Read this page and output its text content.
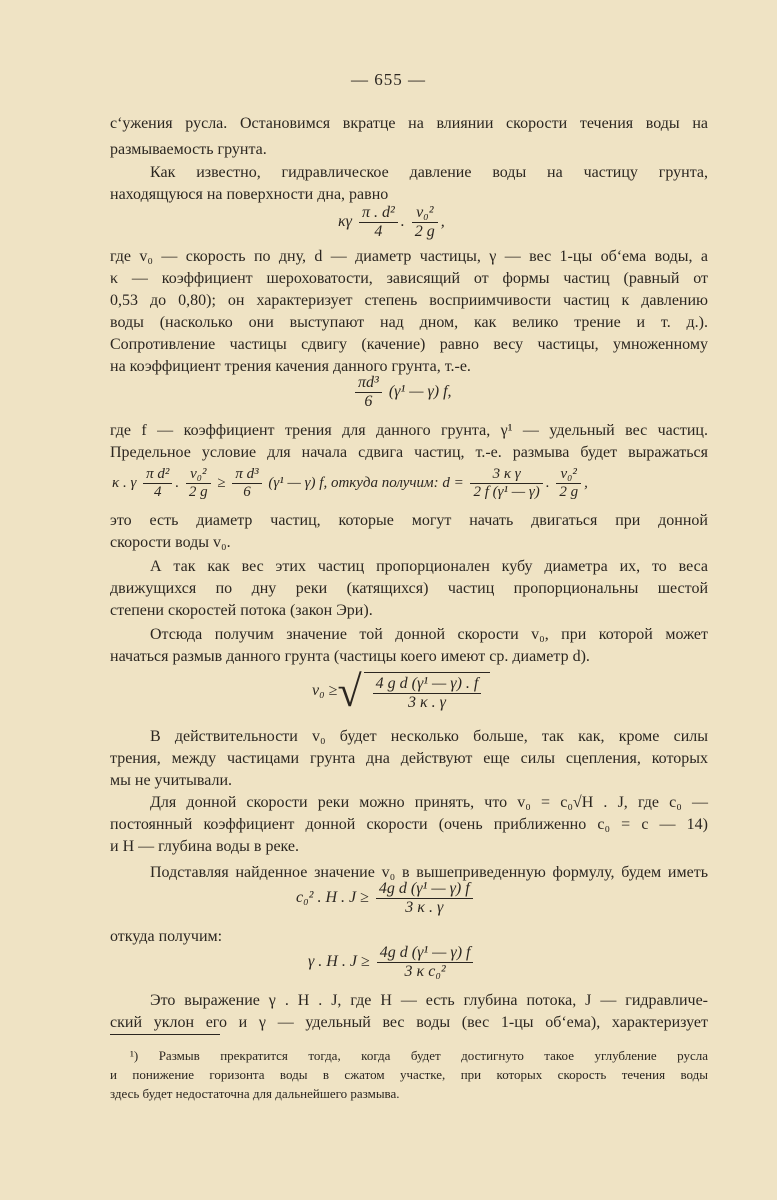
— 655 —
с‘ужения русла. Остановимся вкратце на влиянии скорости течения воды на
размываемость грунта.
Как известно, гидравлическое давление воды на частицу грунта,
находящуюся на поверхности дна, равно
κγ $\frac{\text{π . d²}}{4}$ . $\frac{\text{v₀²}}{2 g}$ ,
где v₀ — скорость по дну, d — диаметр частицы, γ — вес 1-цы об‘ема воды, а
κ — коэффициент шероховатости, зависящий от формы частиц (равный от
0,53 до 0,80); он характеризует степень восприимчивости частиц к давлению
воды (насколько они выступают над дном, как велико трение и т. д.).
Сопротивление частицы сдвигу (качение) равно весу частицы, умноженному
на коэффициент трения качения данного грунта, т.-е.
$\frac{\text{πd³}}{6} (\gamma^1$ — γ) f,
где f — коэффициент трения для данного грунта, γ¹ — удельный вес частиц.
Предельное условие для начала сдвига частиц, т.-е. размыва будет выражаться
κ . γ $\frac{\text{π d²}}{4}$ . $\frac{\text{v₀²}}{2 g} \ge \frac{\text{π d³}}{6} (\gamma^1$ — γ) f, откуда получим: $d = \frac{\text{3 κ γ}}{\text{2 f (γ¹ — γ)}}$ . $\frac{\text{v₀²}}{2 g}$ ,
это есть диаметр частиц, которые могут начать двигаться при донной
скорости воды v₀.
А так как вес этих частиц пропорционален кубу диаметра их, то веса
движущихся по дну реки (катящихся) частиц пропорциональны шестой
степени скоростей потока (закон Эри).
Отсюда получим значение той донной скорости v₀, при которой может
начаться размыв данного грунта (частицы коего имеют ср. диаметр d).
v₀ ≥√ $\frac{\text{4 g d (γ¹ — γ) . f}}{3 \kappa . \gamma}$
В действительности v₀ будет несколько больше, так как, кроме силы
трения, между частицами грунта дна действуют еще силы сцепления, которых
мы не учитывали.
Для донной скорости реки можно принять, что v₀ = c₀√H . J, где c₀ —
постоянный коэффициент донной скорости (очень приближенно c₀ = c — 14)
и H — глубина воды в реке.
Подставляя найденное значение v₀ в вышеприведенную формулу, будем иметь
c₀² . H . $J \ge \frac{\text{4g d (γ¹ — γ) f}}{3 \kappa . \gamma}$
откуда получим:
γ . H . $J \ge \frac{\text{4g d (γ¹ — γ) f}}{\text{3 κ c₀²}}$
Это выражение γ . H . J, где H — есть глубина потока, J — гидравличе-
ский уклон его и γ — удельный вес воды (вес 1-цы об‘ема), характеризует
¹) Размыв прекратится тогда, когда будет достигнуто такое углубление русла
и понижение горизонта воды в сжатом участке, при которых скорость течения воды
здесь будет недостаточна для дальнейшего размыва.
